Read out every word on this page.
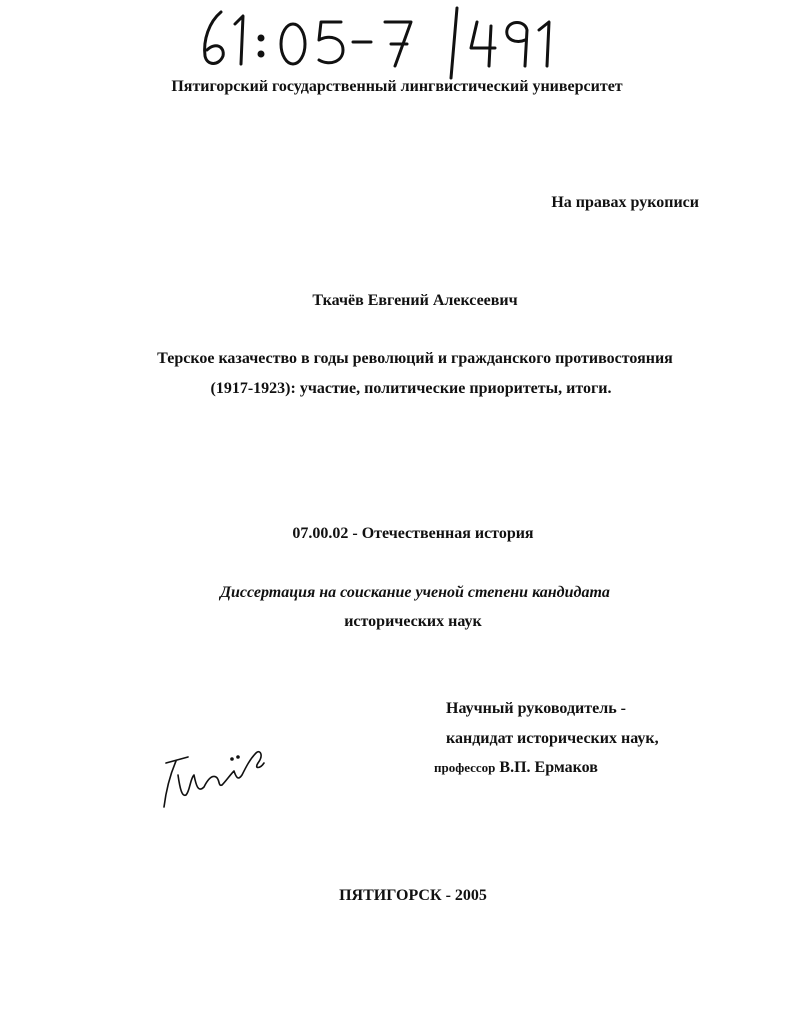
Пятигорский государственный лингвистический университет
На правах рукописи
Ткачёв Евгений Алексеевич
Терское казачество в годы революций и гражданского противостояния
(1917-1923): участие, политические приоритеты, итоги.
07.00.02 - Отечественная история
Диссертация на соискание ученой степени кандидата
исторических наук
Научный руководитель -
кандидат исторических наук,
профессор В.П. Ермаков
ПЯТИГОРСК - 2005
